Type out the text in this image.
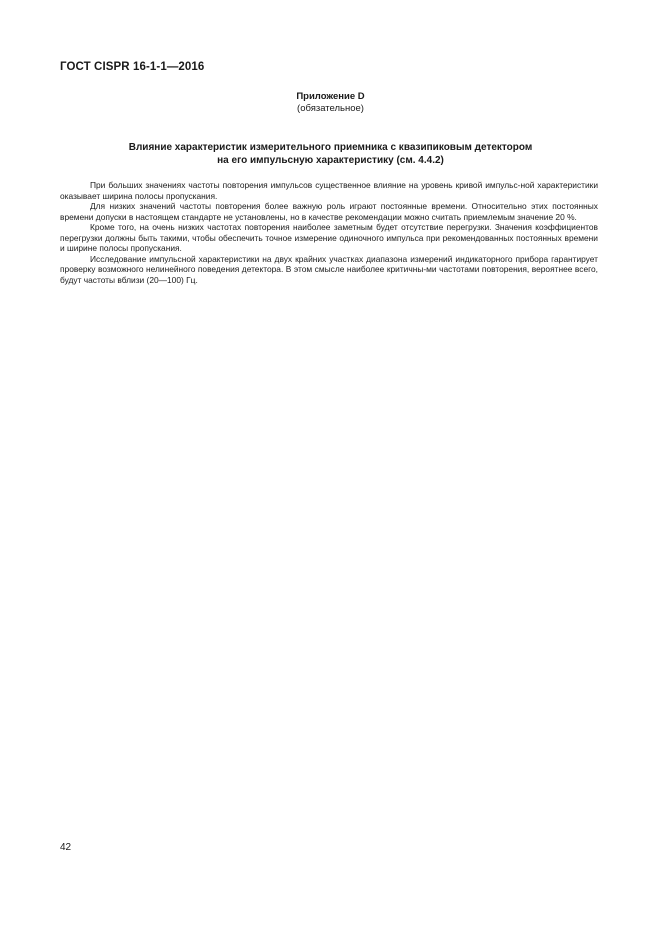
ГОСТ CISPR 16-1-1—2016
Приложение D
(обязательное)
Влияние характеристик измерительного приемника с квазипиковым детектором
на его импульсную характеристику (см. 4.4.2)

При больших значениях частоты повторения импульсов существенное влияние на уровень кривой импульс-ной характеристики оказывает ширина полосы пропускания.

Для низких значений частоты повторения более важную роль играют постоянные времени. Относительно этих постоянных времени допуски в настоящем стандарте не установлены, но в качестве рекомендации можно считать приемлемым значение 20 %.

Кроме того, на очень низких частотах повторения наиболее заметным будет отсутствие перегрузки. Значения коэффициентов перегрузки должны быть такими, чтобы обеспечить точное измерение одиночного импульса при рекомендованных постоянных времени и ширине полосы пропускания.

Исследование импульсной характеристики на двух крайних участках диапазона измерений индикаторного прибора гарантирует проверку возможного нелинейного поведения детектора. В этом смысле наиболее критичны-ми частотами повторения, вероятнее всего, будут частоты вблизи (20—100) Гц.

42
